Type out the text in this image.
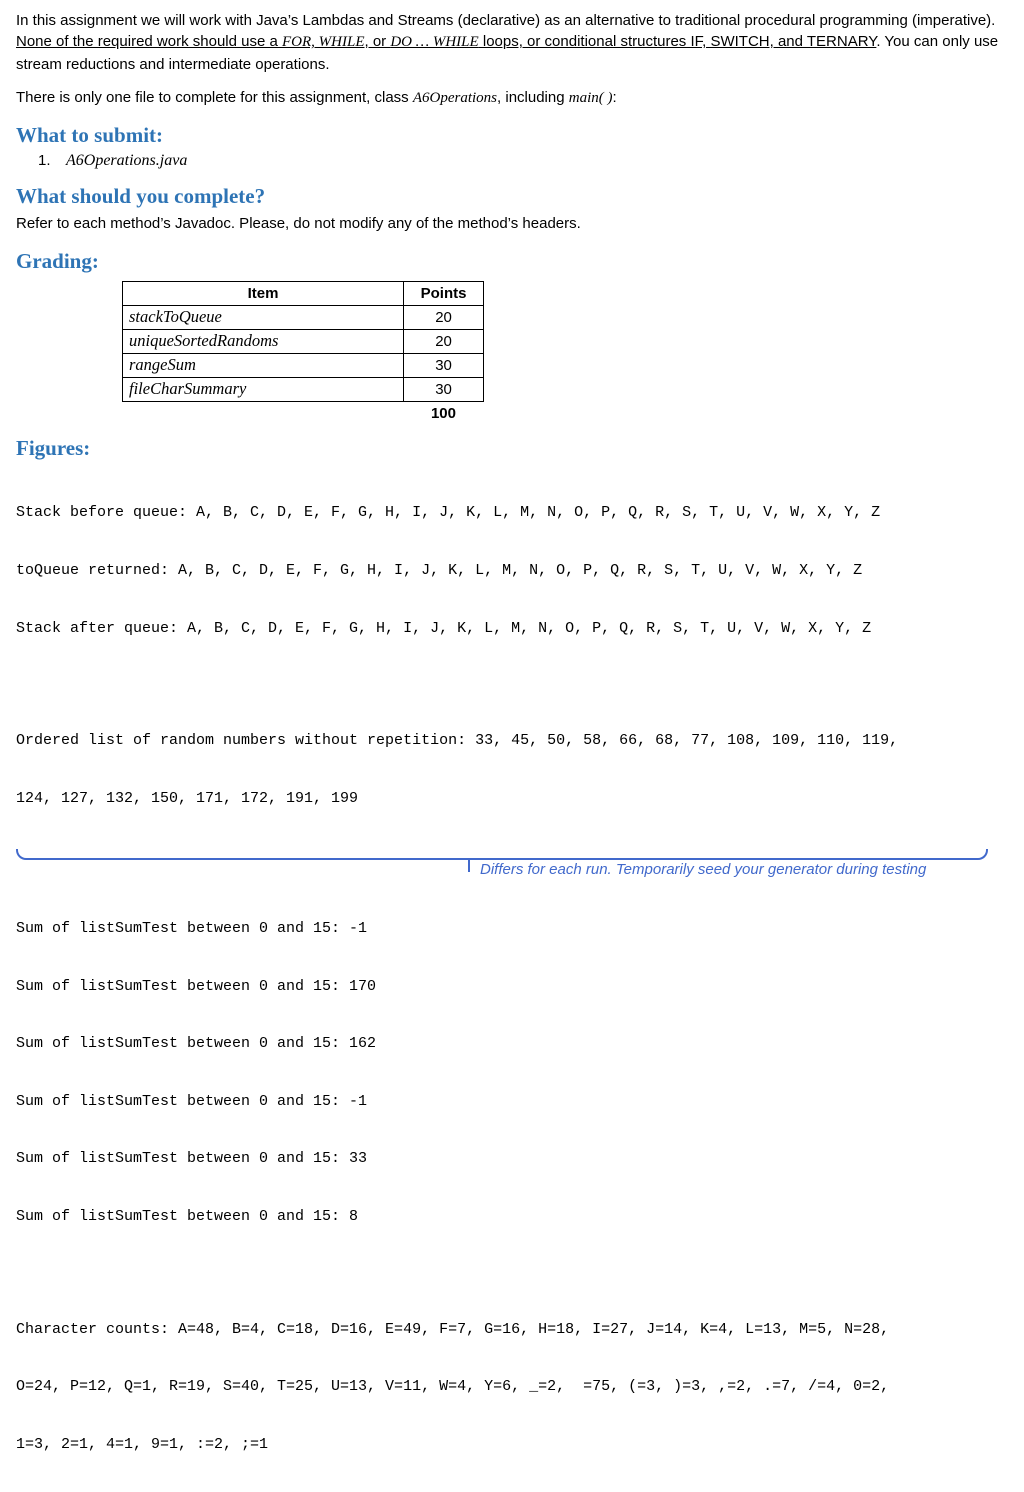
In this assignment we will work with Java’s Lambdas and Streams (declarative) as an alternative to traditional procedural programming (imperative). None of the required work should use a FOR, WHILE, or DO … WHILE loops, or conditional structures IF, SWITCH, and TERNARY. You can only use stream reductions and intermediate operations.

There is only one file to complete for this assignment, class A6Operations, including main( ):

What to submit:
1. A6Operations.java
What should you complete?

Refer to each method’s Javadoc. Please, do not modify any of the method’s headers.

Grading:
Item	Points
stackToQueue	20
uniqueSortedRandoms	20
rangeSum	30
fileCharSummary	30
100
Figures:

Stack before queue: A, B, C, D, E, F, G, H, I, J, K, L, M, N, O, P, Q, R, S, T, U, V, W, X, Y, Z

toQueue returned: A, B, C, D, E, F, G, H, I, J, K, L, M, N, O, P, Q, R, S, T, U, V, W, X, Y, Z

Stack after queue: A, B, C, D, E, F, G, H, I, J, K, L, M, N, O, P, Q, R, S, T, U, V, W, X, Y, Z

Ordered list of random numbers without repetition: 33, 45, 50, 58, 66, 68, 77, 108, 109, 110, 119,

124, 127, 132, 150, 171, 172, 191, 199

Differs for each run. Temporarily seed your generator during testing

Sum of listSumTest between 0 and 15: -1

Sum of listSumTest between 0 and 15: 170

Sum of listSumTest between 0 and 15: 162

Sum of listSumTest between 0 and 15: -1

Sum of listSumTest between 0 and 15: 33

Sum of listSumTest between 0 and 15: 8

Character counts: A=48, B=4, C=18, D=16, E=49, F=7, G=16, H=18, I=27, J=14, K=4, L=13, M=5, N=28,

O=24, P=12, Q=1, R=19, S=40, T=25, U=13, V=11, W=4, Y=6, _=2,  =75, (=3, )=3, ,=2, .=7, /=4, 0=2,

1=3, 2=1, 4=1, 9=1, :=2, ;=1
